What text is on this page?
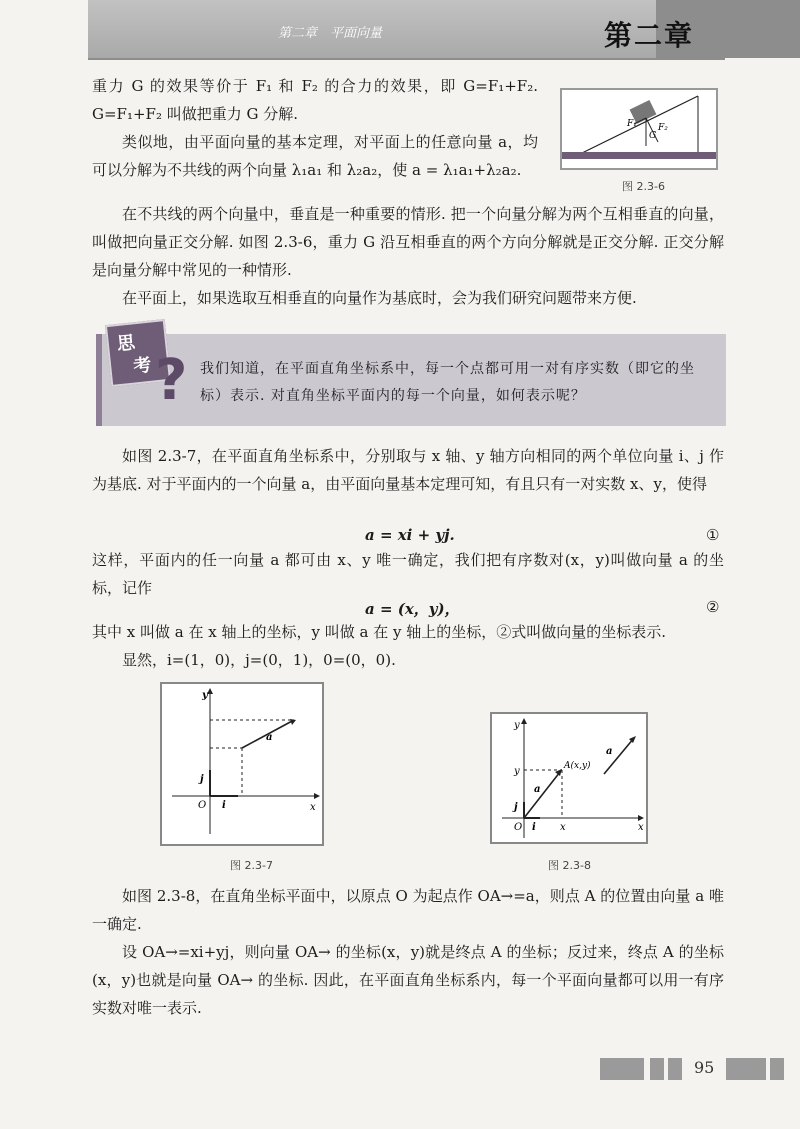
第二章　平面向量	第二章
F₁ F₂
G
图 2.3-6

重力 G 的效果等价于 F₁ 和 F₂ 的合力的效果，即 G=F₁+F₂. G=F₁+F₂ 叫做把重力 G 分解.

类似地，由平面向量的基本定理，对平面上的任意向量 a，均可以分解为不共线的两个向量 λ₁a₁ 和 λ₂a₂，使 a = λ₁a₁+λ₂a₂.

在不共线的两个向量中，垂直是一种重要的情形. 把一个向量分解为两个互相垂直的向量，叫做把向量正交分解. 如图 2.3-6，重力 G 沿互相垂直的两个方向分解就是正交分解. 正交分解是向量分解中常见的一种情形.

在平面上，如果选取互相垂直的向量作为基底时，会为我们研究问题带来方便.

思
考 ? 我们知道，在平面直角坐标系中，每一个点都可用一对有序实数（即它的坐标）表示. 对直角坐标平面内的每一个向量，如何表示呢？

如图 2.3-7，在平面直角坐标系中，分别取与 x 轴、y 轴方向相同的两个单位向量 i、j 作为基底. 对于平面内的一个向量 a，由平面向量基本定理可知，有且只有一对实数 x、y，使得

a = xi + yj.	①

这样，平面内的任一向量 a 都可由 x、y 唯一确定，我们把有序数对(x，y)叫做向量 a 的坐标，记作

a = (x，y)，	②

其中 x 叫做 a 在 x 轴上的坐标，y 叫做 a 在 y 轴上的坐标，②式叫做向量的坐标表示.

显然，i=(1，0)，j=(0，1)，0=(0，0).

y
x
O i
j
a
图 2.3-7
y
x
O i
j
a
a
A(x,y)
y
x
图 2.3-8

如图 2.3-8，在直角坐标平面中，以原点 O 为起点作 OA→=a，则点 A 的位置由向量 a 唯一确定.

设 OA→=xi+yj，则向量 OA→ 的坐标(x，y)就是终点 A 的坐标；反过来，终点 A 的坐标(x，y)也就是向量 OA→ 的坐标. 因此，在平面直角坐标系内，每一个平面向量都可以用一有序实数对唯一表示.

95
